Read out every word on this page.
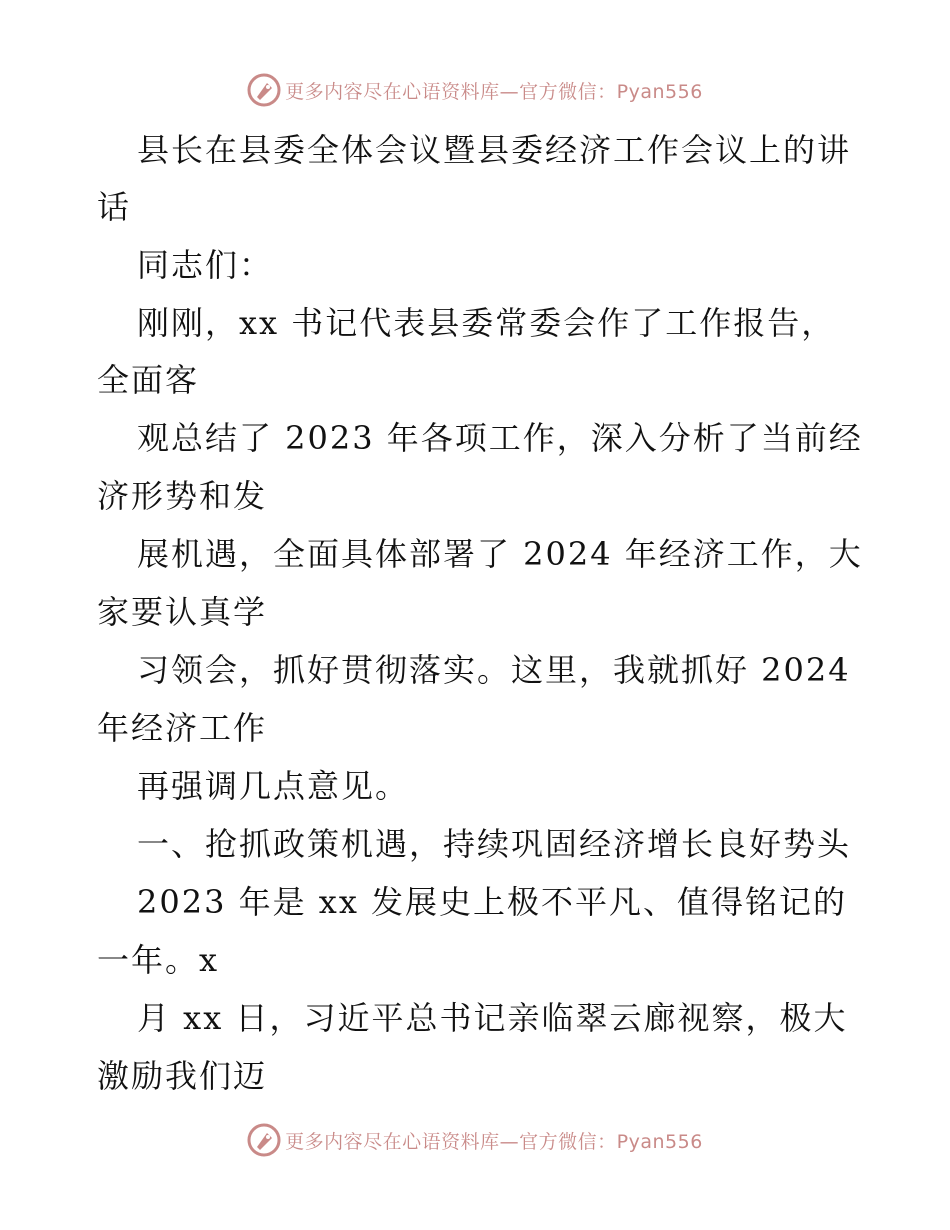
更多内容尽在心语资料库—官方微信：Pyan556
县长在县委全体会议暨县委经济工作会议上的讲
话
同志们：
刚刚，xx 书记代表县委常委会作了工作报告，
全面客
观总结了 2023 年各项工作，深入分析了当前经
济形势和发
展机遇，全面具体部署了 2024 年经济工作，大
家要认真学
习领会，抓好贯彻落实。这里，我就抓好 2024
年经济工作
再强调几点意见。
一、抢抓政策机遇，持续巩固经济增长良好势头
2023 年是 xx 发展史上极不平凡、值得铭记的
一年。x
月 xx 日，习近平总书记亲临翠云廊视察，极大
激励我们迈
更多内容尽在心语资料库—官方微信：Pyan556
